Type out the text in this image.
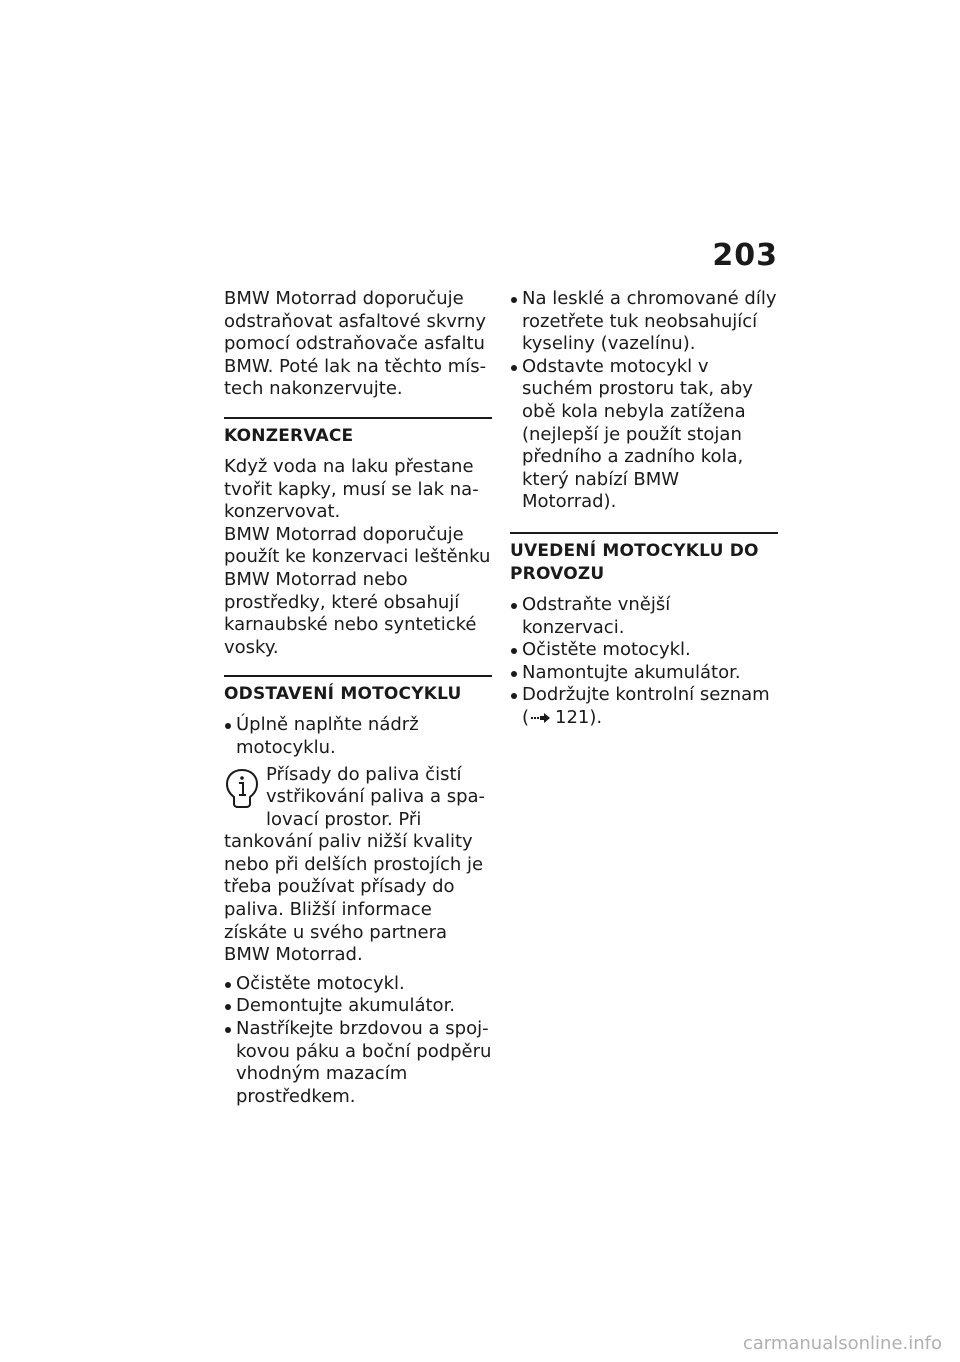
203

BMW Motorrad doporučuje odstraňovat asfaltové skvrny pomocí odstraňovače asfaltu BMW. Poté lak na těchto místech nakonzervujte.

KONZERVACE

Když voda na laku přestane tvořit kapky, musí se lak nakonzervovat.

BMW Motorrad doporučuje použít ke konzervaci leštěnku BMW Motorrad nebo prostředky, které obsahují karnaubské nebo syntetické vosky.

ODSTAVENÍ MOTOCYKLU
Úplně naplňte nádrž motocyklu.
Přísady do paliva čistí vstřikování paliva a spalovací prostor. Při tankování paliv nižší kvality nebo při delších prostojích je třeba používat přísady do paliva. Bližší informace získáte u svého partnera BMW Motorrad.
Očistěte motocykl.
Demontujte akumulátor.
Nastříkejte brzdovou a spojkovou páku a boční podpěru vhodným mazacím prostředkem.
Na lesklé a chromované díly rozetřete tuk neobsahující kyseliny (vazelínu).
Odstavte motocykl v suchém prostoru tak, aby obě kola nebyla zatížena (nejlepší je použít stojan předního a zadního kola, který nabízí BMW Motorrad).
UVEDENÍ MOTOCYKLU DO PROVOZU
Odstraňte vnější konzervaci.
Očistěte motocykl.
Namontujte akumulátor.
Dodržujte kontrolní seznam
( 121).
carmanualsonline.info
